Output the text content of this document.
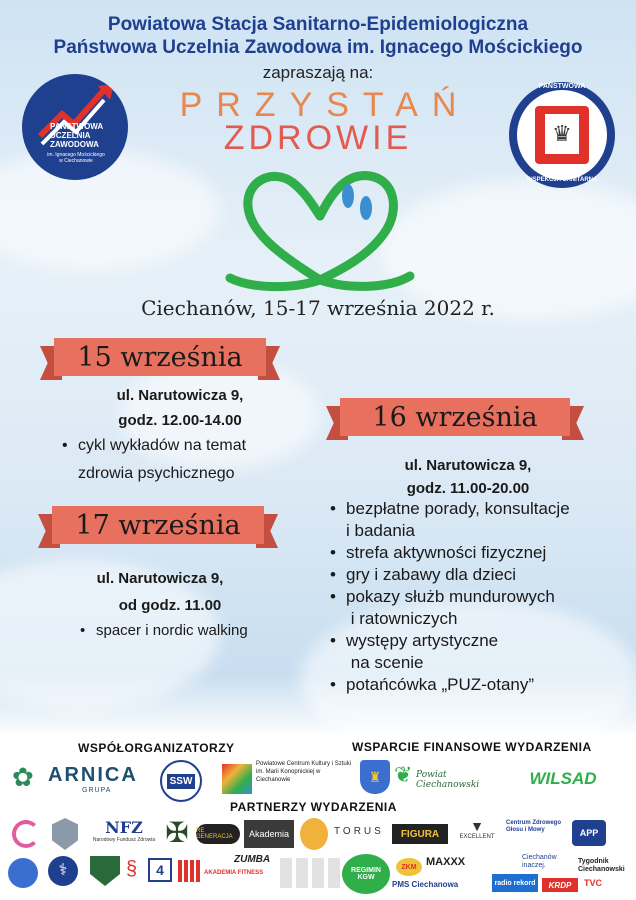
Powiatowa Stacja Sanitarno-Epidemiologiczna
Państwowa Uczelnia Zawodowa im. Ignacego Mościckiego
zapraszają na:
PAŃSTWOWA
UCZELNIA
ZAWODOWA
im. Ignacego Mościckiego
w Ciechanowie
♛
PAŃSTWOWA
INSPEKCJA SANITARNA
PRZYSTAŃ
ZDROWIE
Ciechanów, 15-17 września 2022 r.
15 września
ul. Narutowicza 9,
godz. 12.00-14.00
• cykl wykładów na temat
zdrowia psychicznego
16 września
ul. Narutowicza 9,
godz. 11.00-20.00
• bezpłatne porady, konsultacje
i badania
• strefa aktywności fizycznej
• gry i zabawy dla dzieci
• pokazy służb mundurowych
i ratowniczych
• występy artystyczne
na scenie
• potańcówka „PUZ-otany”
17 września
ul. Narutowicza 9,
od godz. 11.00
• spacer i nordic walking
WSPÓŁORGANIZATORZY	WSPARCIE FINANSOWE WYDARZENIA
✿ ARNICA
GRUPA
SSW
Powiatowe Centrum Kultury i Sztuki im. Marii Konopnickiej w Ciechanowie	♜ ❦ Powiat Ciechanowski	WILSAD
PARTNERZY WYDARZENIA
NFZ
Narodowy Fundusz Zdrowia ✠	RE GENERACJA	Akademia	TORUS	FIGURA	▼
EXCELLENT
Centrum Zdrowego Głosu i Mowy	APP
⚕	§	4
ZUMBA
AKADEMIA FITNESS	REGIMIN KGW
ZKM MAXXX
PMS Ciechanowa
Ciechanów inaczej.
Tygodnik Ciechanowski
radio rekord KRDP TVC
